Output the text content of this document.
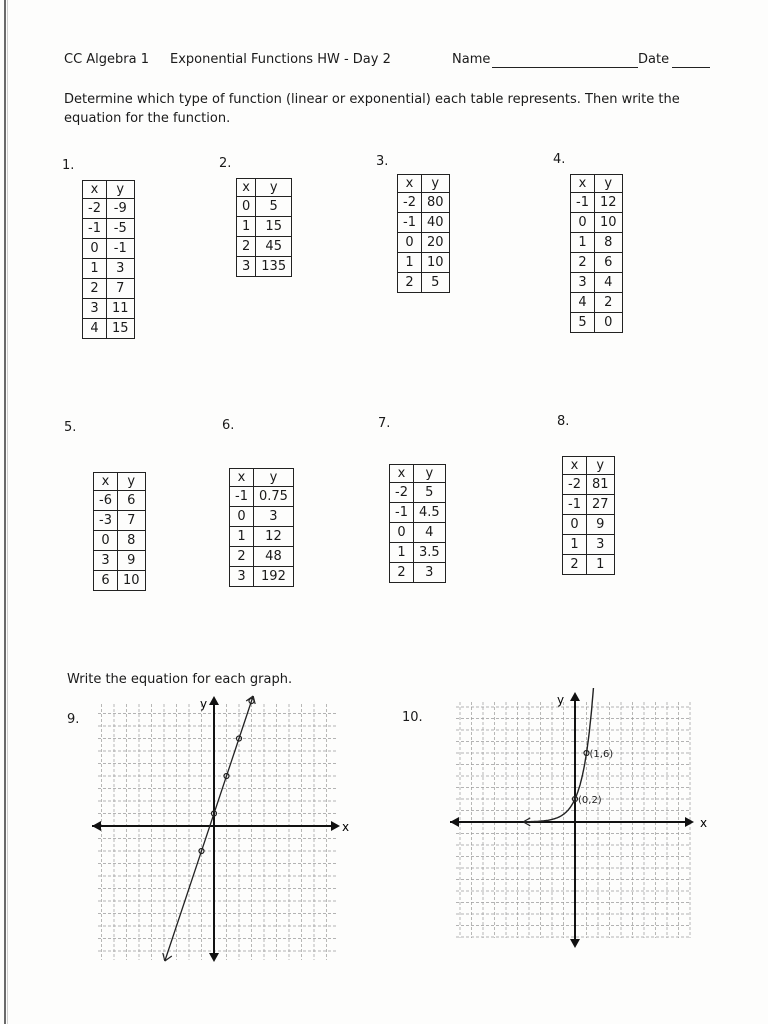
CC Algebra 1 Exponential Functions HW - Day 2	Name	Date
Determine which type of function (linear or exponential) each table represents. Then write the equation for the function.
1.	2.	3.	4.
5.	6.	7.	8.
x	y
-2	-9
-1	-5
0	-1
1	3
2	7
3	11
4	15
x	y
0	5
1	15
2	45
3	135
x	y
-2	80
-1	40
0	20
1	10
2	5
x	y
-1	12
0	10
1	8
2	6
3	4
4	2
5	0
x	y
-6	6
-3	7
0	8
3	9
6	10
x	y
-1	0.75
0	3
1	12
2	48
3	192
x	y
-2	5
-1	4.5
0	4
1	3.5
2	3
x	y
-2	81
-1	27
0	9
1	3
2	1
Write the equation for each graph.
9.	10.
x
y
x
y
(0,2)
(1,6)
